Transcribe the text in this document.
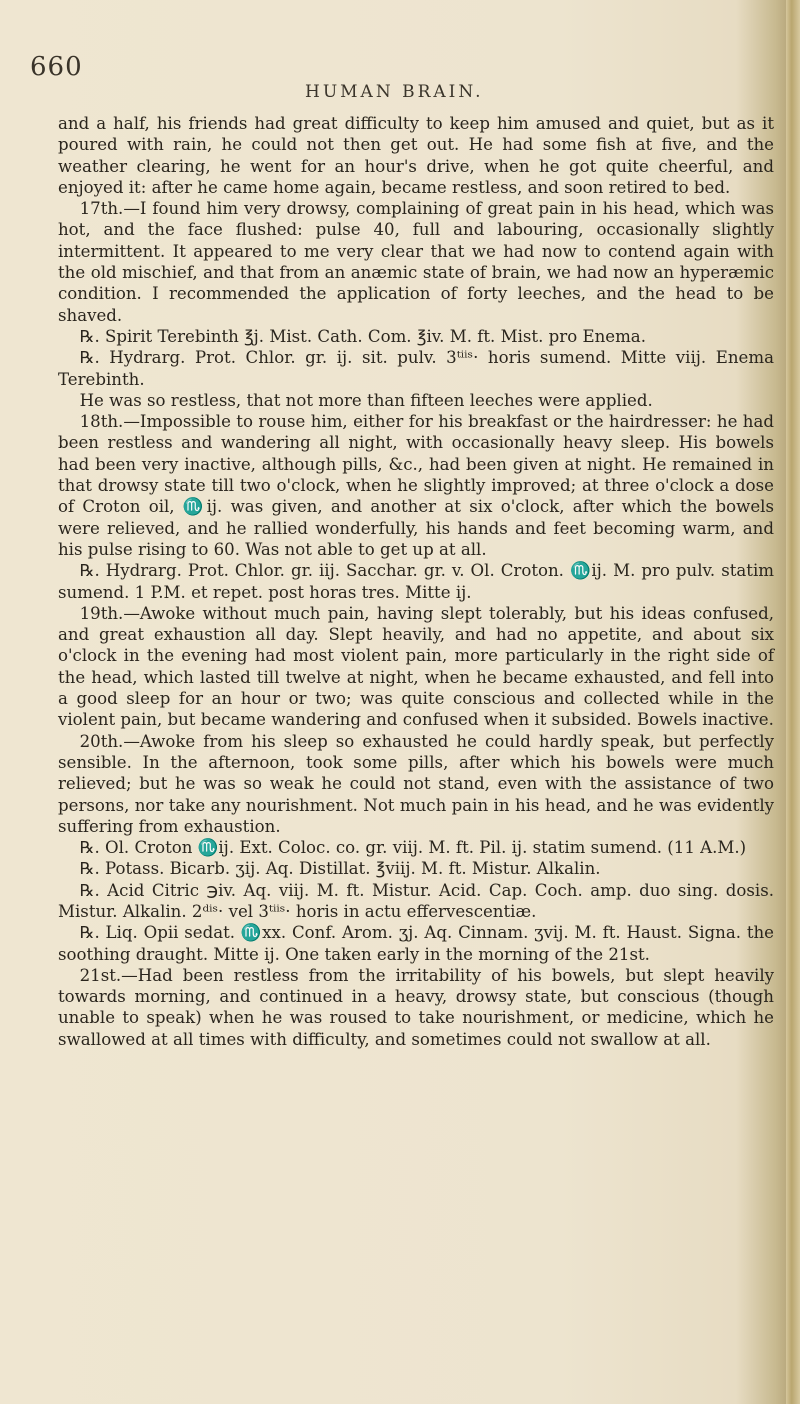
660
HUMAN BRAIN.

and a half, his friends had great difficulty to keep him amused and quiet, but as it poured with rain, he could not then get out. He had some fish at five, and the weather clearing, he went for an hour's drive, when he got quite cheerful, and enjoyed it: after he came home again, became restless, and soon retired to bed.

17th.—I found him very drowsy, complaining of great pain in his head, which was hot, and the face flushed: pulse 40, full and labouring, occasionally slightly intermittent. It appeared to me very clear that we had now to contend again with the old mischief, and that from an anæmic state of brain, we had now an hyperæmic condition. I recommended the application of forty leeches, and the head to be shaved.

℞. Spirit Terebinth ℥j. Mist. Cath. Com. ℥iv. M. ft. Mist. pro Enema.

℞. Hydrarg. Prot. Chlor. gr. ij. sit. pulv. 3ᵗⁱⁱˢ· horis sumend. Mitte viij. Enema Terebinth.

He was so restless, that not more than fifteen leeches were applied.

18th.—Impossible to rouse him, either for his breakfast or the hairdresser: he had been restless and wandering all night, with occasionally heavy sleep. His bowels had been very inactive, although pills, &c., had been given at night. He remained in that drowsy state till two o'clock, when he slightly improved; at three o'clock a dose of Croton oil, ♏ij. was given, and another at six o'clock, after which the bowels were relieved, and he rallied wonderfully, his hands and feet becoming warm, and his pulse rising to 60. Was not able to get up at all.

℞. Hydrarg. Prot. Chlor. gr. iij. Sacchar. gr. v. Ol. Croton. ♏ij. M. pro pulv. statim sumend. 1 P.M. et repet. post horas tres. Mitte ij.

19th.—Awoke without much pain, having slept tolerably, but his ideas confused, and great exhaustion all day. Slept heavily, and had no appetite, and about six o'clock in the evening had most violent pain, more particularly in the right side of the head, which lasted till twelve at night, when he became exhausted, and fell into a good sleep for an hour or two; was quite conscious and collected while in the violent pain, but became wandering and confused when it subsided. Bowels inactive.

20th.—Awoke from his sleep so exhausted he could hardly speak, but perfectly sensible. In the afternoon, took some pills, after which his bowels were much relieved; but he was so weak he could not stand, even with the assistance of two persons, nor take any nourishment. Not much pain in his head, and he was evidently suffering from exhaustion.

℞. Ol. Croton ♏ij. Ext. Coloc. co. gr. viij. M. ft. Pil. ij. statim sumend. (11 A.M.)

℞. Potass. Bicarb. ʒij. Aq. Distillat. ℥viij. M. ft. Mistur. Alkalin.

℞. Acid Citric ℈iv. Aq. viij. M. ft. Mistur. Acid. Cap. Coch. amp. duo sing. dosis. Mistur. Alkalin. 2ᵈⁱˢ· vel 3ᵗⁱⁱˢ· horis in actu effervescentiæ.

℞. Liq. Opii sedat. ♏xx. Conf. Arom. ʒj. Aq. Cinnam. ʒvij. M. ft. Haust. Signa. the soothing draught. Mitte ij. One taken early in the morning of the 21st.

21st.—Had been restless from the irritability of his bowels, but slept heavily towards morning, and continued in a heavy, drowsy state, but conscious (though unable to speak) when he was roused to take nourishment, or medicine, which he swallowed at all times with difficulty, and sometimes could not swallow at all.
